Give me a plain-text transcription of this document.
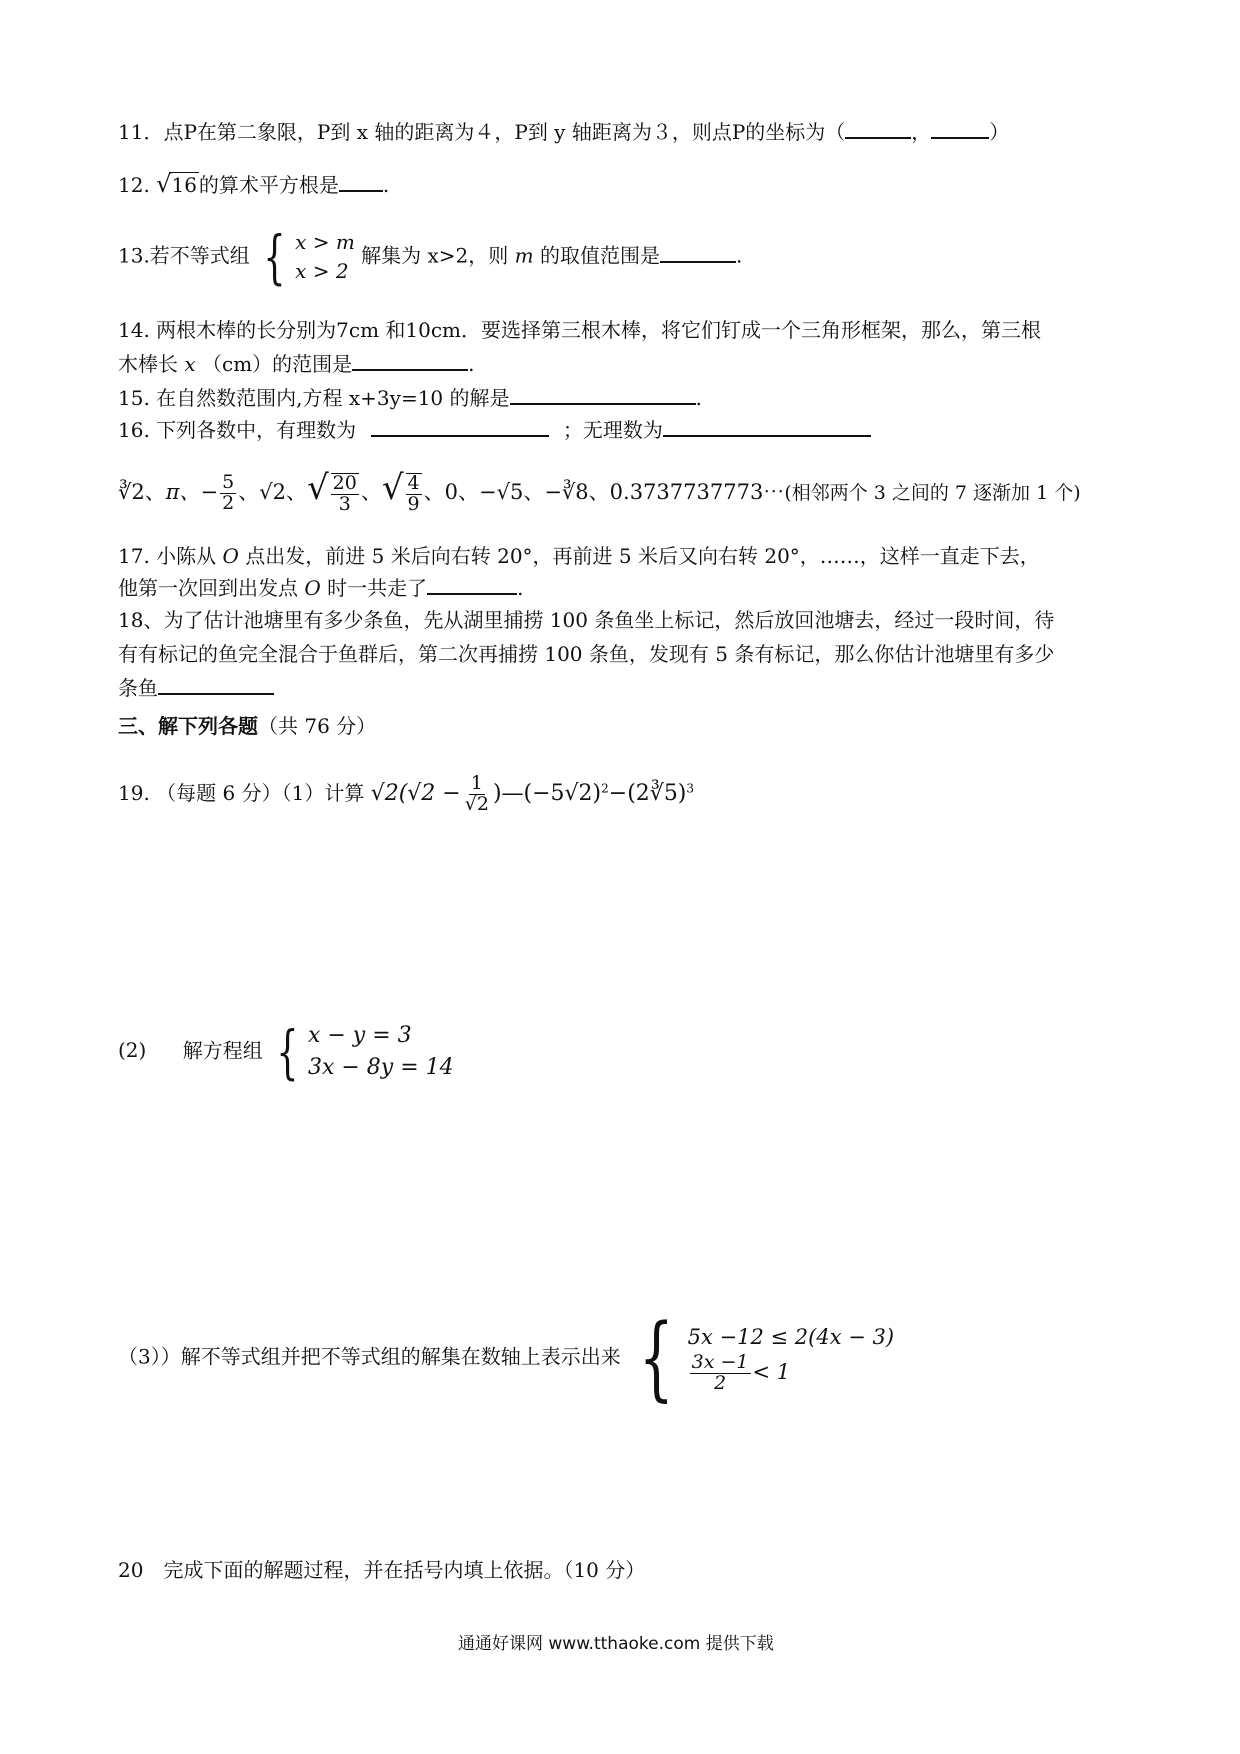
11．点P在第二象限，P到 x 轴的距离为４，P到 y 轴距离为３，则点P的坐标为（	，	）
12. √16 的算术平方根是 .
13.若不等式组 { x > m
x > 2
解集为 x>2，则 m 的取值范围是	.
14. 两根木棒的长分别为7cm 和10cm．要选择第三根木棒，将它们钉成一个三角形框架，那么，第三根
木棒长 x （cm）的范围是	.
15. 在自然数范围内,方程 x+3y=10 的解是	.
16. 下列各数中，有理数为	；无理数为
∛2、π、− $\frac{5}{2}$ 、√2、√ $\frac{20}{3}$ 、√ $\frac{4}{9}$ 、0、−√5、−∛8、0.3737737773⋯(相邻两个 3 之间的 7 逐渐加 1 个)
17. 小陈从 O 点出发，前进 5 米后向右转 20°，再前进 5 米后又向右转 20°，……，这样一直走下去，
他第一次回到出发点 O 时一共走了	.
18、为了估计池塘里有多少条鱼，先从湖里捕捞 100 条鱼坐上标记，然后放回池塘去，经过一段时间，待
有有标记的鱼完全混合于鱼群后，第二次再捕捞 100 条鱼，发现有 5 条有标记，那么你估计池塘里有多少
条鱼
三、解下列各题（共 76 分）
19. （每题 6 分）（1）计算 $√2(√2 - \frac{1}{√2}$ )$—(-5√2)^2-(2∛5)^3$
(2) 解方程组 { x − y = 3
3x − 8y = 14
（3））解不等式组并把不等式组的解集在数轴上表示出来 { 5x −12 ≤ 2(4x − 3)
$\frac{3x -1}{2} < 1$
20　完成下面的解题过程，并在括号内填上依据。（10 分）
通通好课网 www.tthaoke.com 提供下载
